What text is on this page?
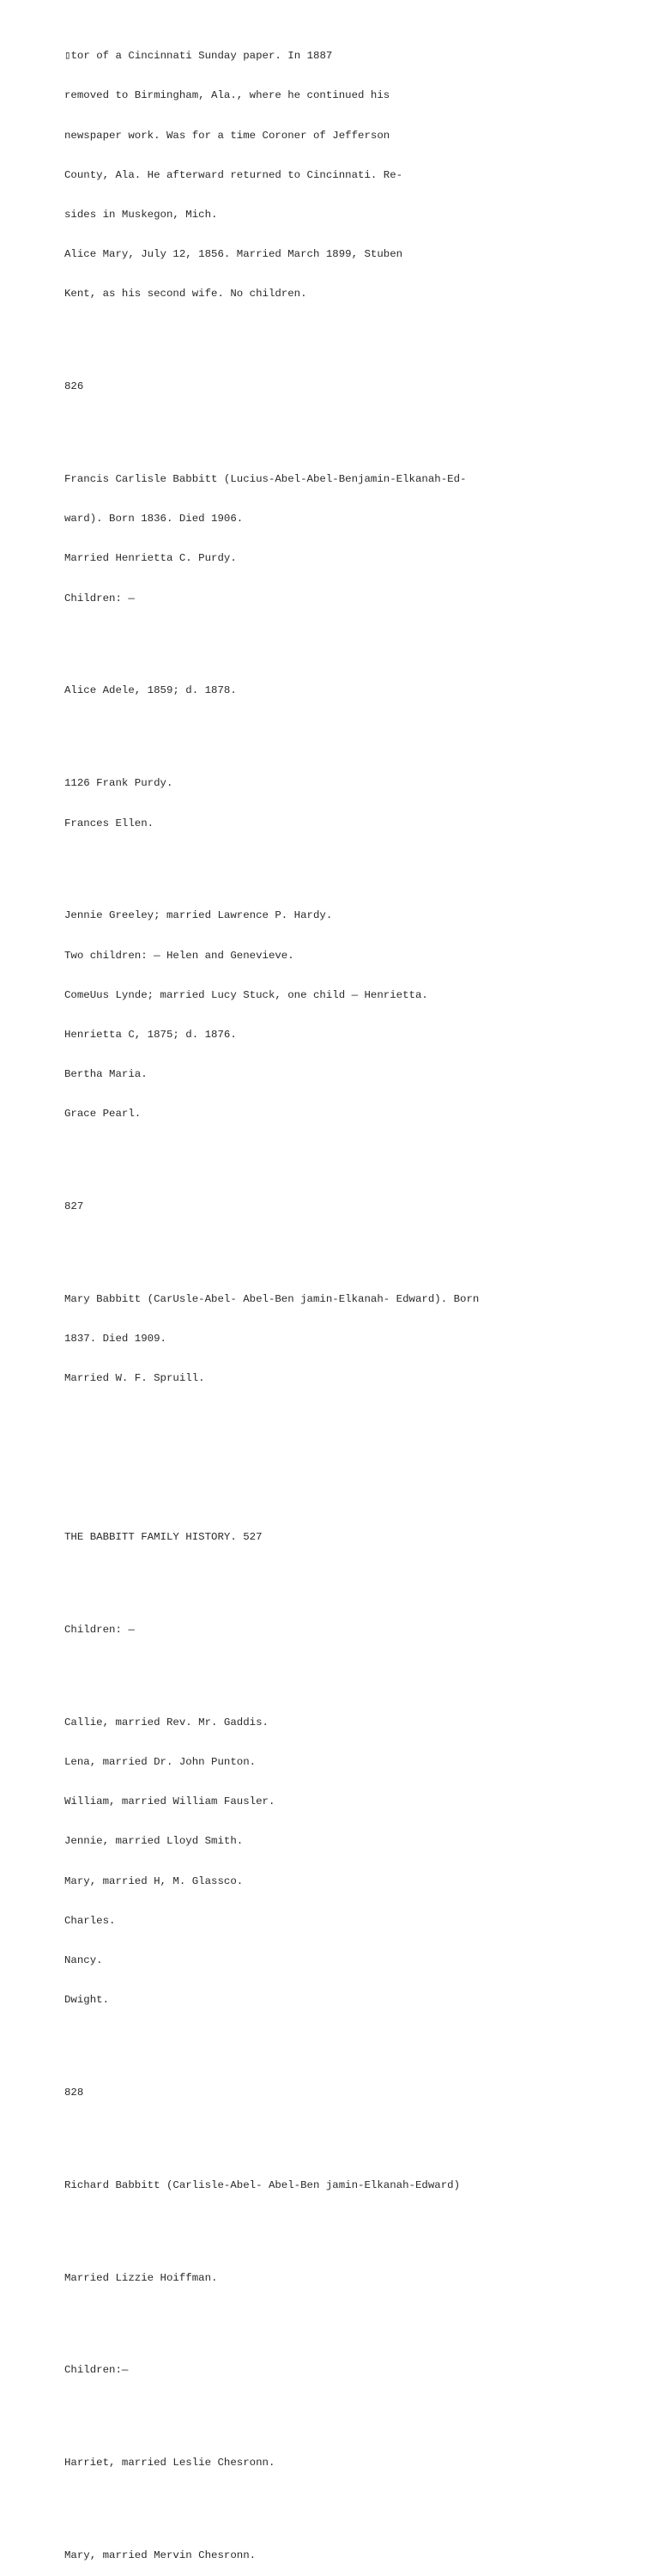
▯tor of a Cincinnati Sunday paper. In 1887

removed to Birmingham, Ala., where he continued his

newspaper work. Was for a time Coroner of Jefferson

County, Ala. He afterward returned to Cincinnati. Re-

sides in Muskegon, Mich.

Alice Mary, July 12, 1856. Married March 1899, Stuben

Kent, as his second wife. No children.

826

Francis Carlisle Babbitt (Lucius-Abel-Abel-Benjamin-Elkanah-Ed-

ward). Born 1836. Died 1906.

Married Henrietta C. Purdy.

Children: —

Alice Adele, 1859; d. 1878.

1126 Frank Purdy.

Frances Ellen.

Jennie Greeley; married Lawrence P. Hardy.

Two children: — Helen and Genevieve.

ComeUus Lynde; married Lucy Stuck, one child — Henrietta.

Henrietta C, 1875; d. 1876.

Bertha Maria.

Grace Pearl.

827

Mary Babbitt (CarUsle-Abel- Abel-Ben jamin-Elkanah- Edward). Born

1837. Died 1909.

Married W. F. Spruill.

THE BABBITT FAMILY HISTORY. 527

Children: —

Callie, married Rev. Mr. Gaddis.

Lena, married Dr. John Punton.

William, married William Fausler.

Jennie, married Lloyd Smith.

Mary, married H, M. Glassco.

Charles.

Nancy.

Dwight.

828

Richard Babbitt (Carlisle-Abel- Abel-Ben jamin-Elkanah-Edward)

Married Lizzie Hoiffman.

Children:—

Harriet, married Leslie Chesronn.

Mary, married Mervin Chesronn.
